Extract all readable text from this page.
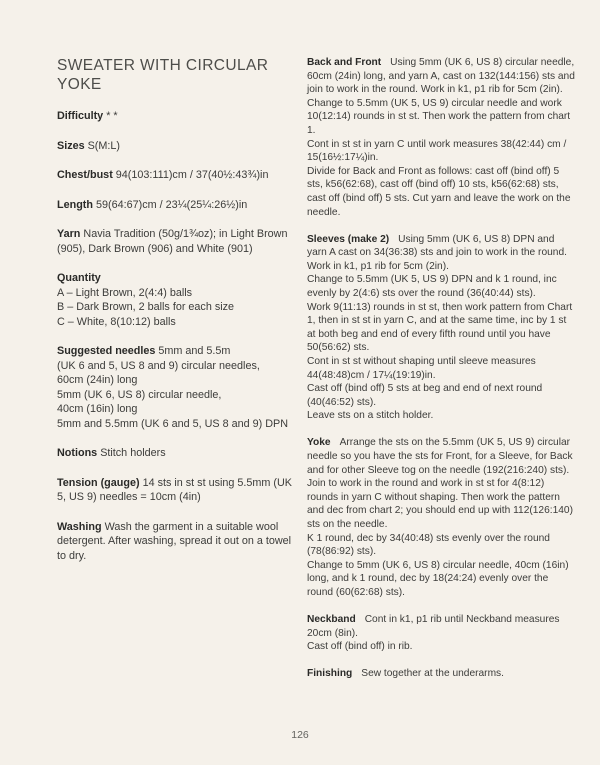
SWEATER WITH CIRCULAR YOKE
Difficulty * *
Sizes S(M:L)
Chest/bust 94(103:111)cm / 37(40½:43¾)in
Length 59(64:67)cm / 23¼(25¼:26½)in
Yarn Navia Tradition (50g/1¾oz); in Light Brown (905), Dark Brown (906) and White (901)
Quantity
A – Light Brown, 2(4:4) balls
B – Dark Brown, 2 balls for each size
C – White, 8(10:12) balls
Suggested needles 5mm and 5.5m
(UK 6 and 5, US 8 and 9) circular needles,
60cm (24in) long
5mm (UK 6, US 8) circular needle,
40cm (16in) long
5mm and 5.5mm (UK 6 and 5, US 8 and 9) DPN
Notions Stitch holders
Tension (gauge) 14 sts in st st using 5.5mm (UK 5, US 9) needles = 10cm (4in)
Washing Wash the garment in a suitable wool detergent. After washing, spread it out on a towel to dry.

Back and Front Using 5mm (UK 6, US 8) circular needle, 60cm (24in) long, and yarn A, cast on 132(144:156) sts and join to work in the round. Work in k1, p1 rib for 5cm (2in).

Change to 5.5mm (UK 5, US 9) circular needle and work 10(12:14) rounds in st st. Then work the pattern from chart 1.

Cont in st st in yarn C until work measures 38(42:44) cm / 15(16½:17¼)in.

Divide for Back and Front as follows: cast off (bind off) 5 sts, k56(62:68), cast off (bind off) 10 sts, k56(62:68) sts, cast off (bind off) 5 sts. Cut yarn and leave the work on the needle.

Sleeves (make 2) Using 5mm (UK 6, US 8) DPN and yarn A cast on 34(36:38) sts and join to work in the round. Work in k1, p1 rib for 5cm (2in).

Change to 5.5mm (UK 5, US 9) DPN and k 1 round, inc evenly by 2(4:6) sts over the round (36(40:44) sts).

Work 9(11:13) rounds in st st, then work pattern from Chart 1, then in st st in yarn C, and at the same time, inc by 1 st at both beg and end of every fifth round until you have 50(56:62) sts.

Cont in st st without shaping until sleeve measures 44(48:48)cm / 17¼(19:19)in.

Cast off (bind off) 5 sts at beg and end of next round (40(46:52) sts).

Leave sts on a stitch holder.

Yoke Arrange the sts on the 5.5mm (UK 5, US 9) circular needle so you have the sts for Front, for a Sleeve, for Back and for other Sleeve tog on the needle (192(216:240) sts).

Join to work in the round and work in st st for 4(8:12) rounds in yarn C without shaping. Then work the pattern and dec from chart 2; you should end up with 112(126:140) sts on the needle.

K 1 round, dec by 34(40:48) sts evenly over the round (78(86:92) sts).

Change to 5mm (UK 6, US 8) circular needle, 40cm (16in) long, and k 1 round, dec by 18(24:24) evenly over the round (60(62:68) sts).

Neckband Cont in k1, p1 rib until Neckband measures 20cm (8in).

Cast off (bind off) in rib.

Finishing Sew together at the underarms.

126
